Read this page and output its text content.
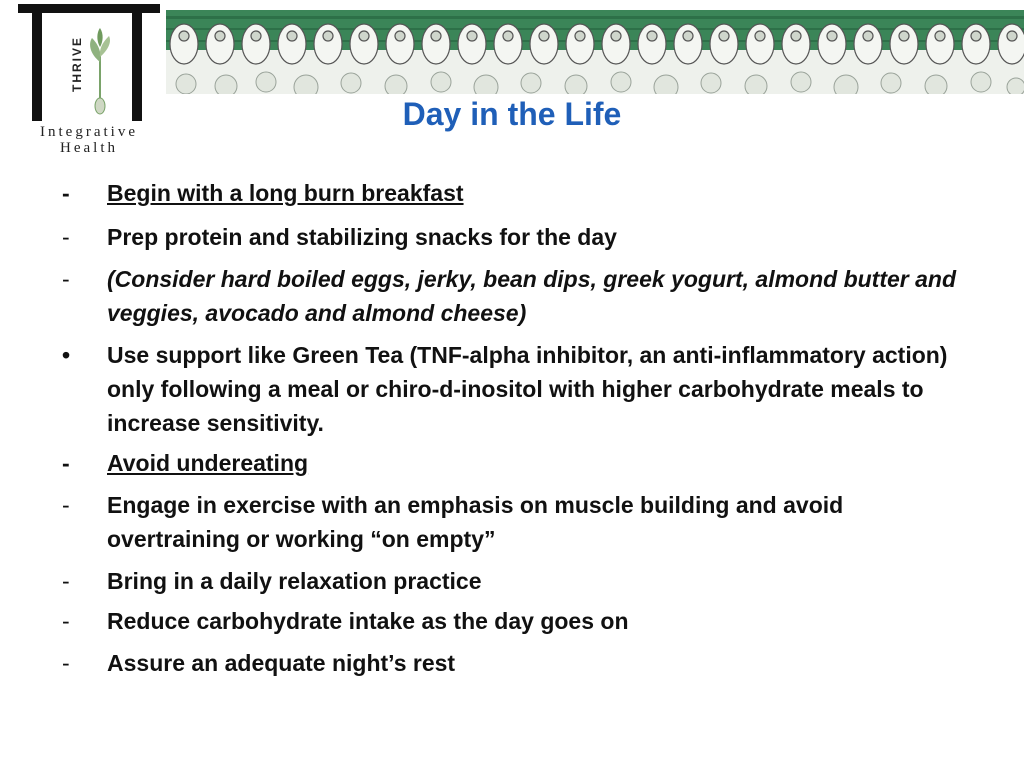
THRIVE
Integrative
Health
Day in the Life
-	Begin with a long burn breakfast
-	Prep protein and stabilizing snacks for the day
-	(Consider hard boiled eggs, jerky, bean dips, greek yogurt, almond butter and veggies, avocado and almond cheese)
•	Use support like Green Tea (TNF-alpha inhibitor, an anti-inflammatory action) only following a meal or chiro-d-inositol with higher carbohydrate meals to increase sensitivity.
-	Avoid undereating
-	Engage in exercise with an emphasis on muscle building and avoid overtraining or working “on empty”
-	Bring in a daily relaxation practice
-	Reduce carbohydrate intake as the day goes on
-	Assure an adequate night’s rest
